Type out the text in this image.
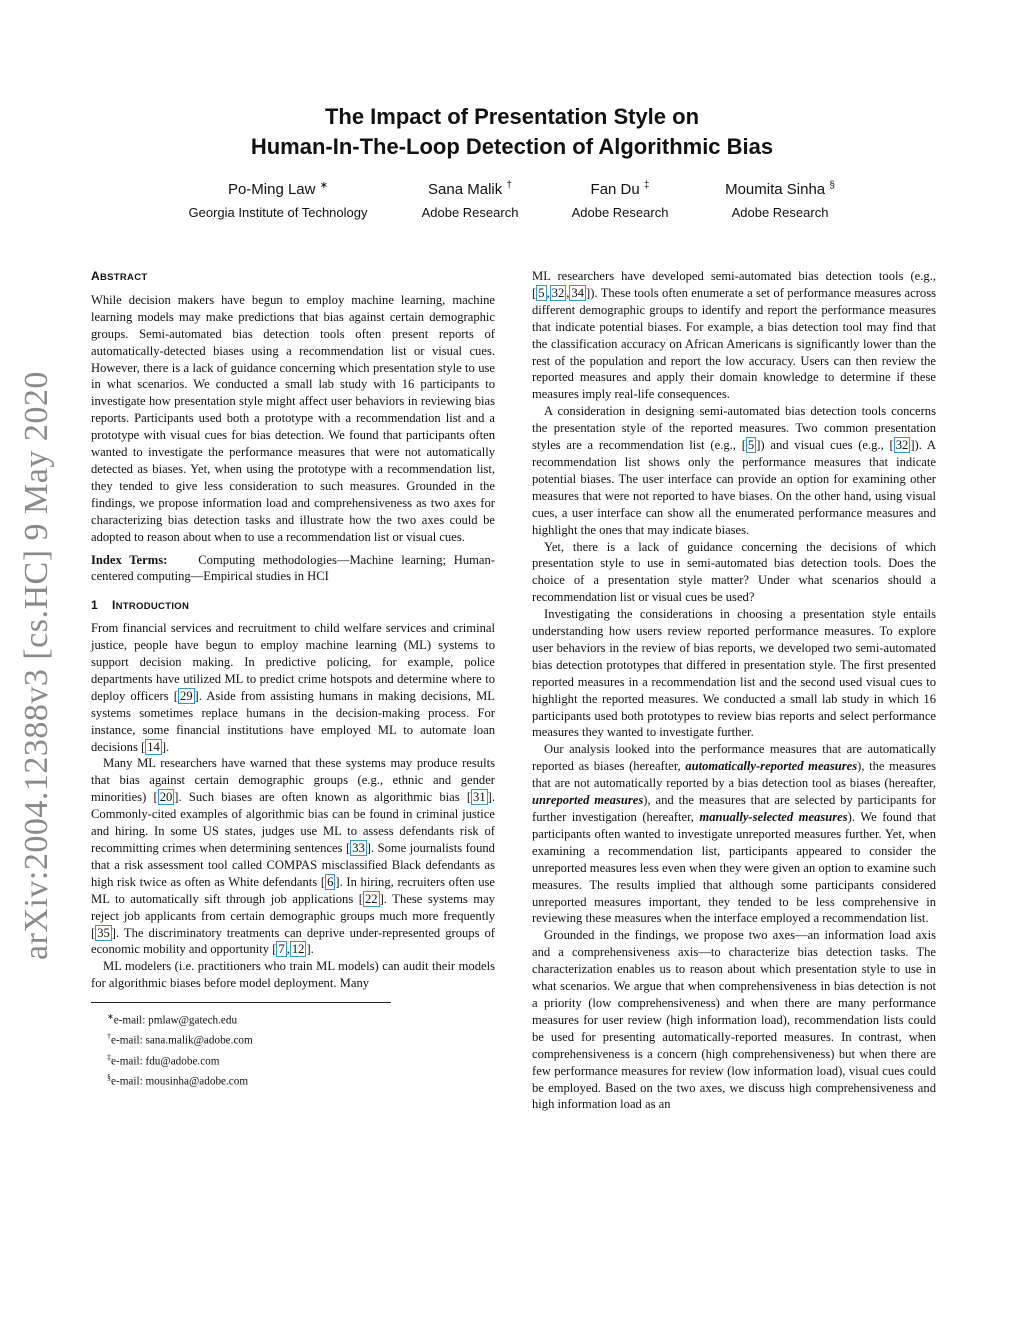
arXiv:2004.12388v3 [cs.HC] 9 May 2020
The Impact of Presentation Style on
Human-In-The-Loop Detection of Algorithmic Bias
Po-Ming Law ∗
Georgia Institute of Technology
Sana Malik †
Adobe Research
Fan Du ‡
Adobe Research
Moumita Sinha §
Adobe Research
ABSTRACT

While decision makers have begun to employ machine learning, machine learning models may make predictions that bias against certain demographic groups. Semi-automated bias detection tools often present reports of automatically-detected biases using a recommendation list or visual cues. However, there is a lack of guidance concerning which presentation style to use in what scenarios. We conducted a small lab study with 16 participants to investigate how presentation style might affect user behaviors in reviewing bias reports. Participants used both a prototype with a recommendation list and a prototype with visual cues for bias detection. We found that participants often wanted to investigate the performance measures that were not automatically detected as biases. Yet, when using the prototype with a recommendation list, they tended to give less consideration to such measures. Grounded in the findings, we propose information load and comprehensiveness as two axes for characterizing bias detection tasks and illustrate how the two axes could be adopted to reason about when to use a recommendation list or visual cues.

Index Terms: Computing methodologies—Machine learning; Human-centered computing—Empirical studies in HCI

1 INTRODUCTION

From financial services and recruitment to child welfare services and criminal justice, people have begun to employ machine learning (ML) systems to support decision making. In predictive policing, for example, police departments have utilized ML to predict crime hotspots and determine where to deploy officers [ 29 ]. Aside from assisting humans in making decisions, ML systems sometimes replace humans in the decision-making process. For instance, some financial institutions have employed ML to automate loan decisions [ 14 ].

Many ML researchers have warned that these systems may produce results that bias against certain demographic groups (e.g., ethnic and gender minorities) [ 20 ]. Such biases are often known as algorithmic bias [ 31 ]. Commonly-cited examples of algorithmic bias can be found in criminal justice and hiring. In some US states, judges use ML to assess defendants risk of recommitting crimes when determining sentences [ 33 ]. Some journalists found that a risk assessment tool called COMPAS misclassified Black defendants as high risk twice as often as White defendants [ 6 ]. In hiring, recruiters often use ML to automatically sift through job applications [ 22 ]. These systems may reject job applicants from certain demographic groups much more frequently [ 35 ]. The discriminatory treatments can deprive under-represented groups of economic mobility and opportunity [ 7 , 12 ].

ML modelers (i.e. practitioners who train ML models) can audit their models for algorithmic biases before model deployment. Many

∗e-mail: pmlaw@gatech.edu
†e-mail: sana.malik@adobe.com
‡e-mail: fdu@adobe.com
§e-mail: mousinha@adobe.com

ML researchers have developed semi-automated bias detection tools (e.g., [ 5 , 32 , 34 ]). These tools often enumerate a set of performance measures across different demographic groups to identify and report the performance measures that indicate potential biases. For example, a bias detection tool may find that the classification accuracy on African Americans is significantly lower than the rest of the population and report the low accuracy. Users can then review the reported measures and apply their domain knowledge to determine if these measures imply real-life consequences.

A consideration in designing semi-automated bias detection tools concerns the presentation style of the reported measures. Two common presentation styles are a recommendation list (e.g., [ 5 ]) and visual cues (e.g., [ 32 ]). A recommendation list shows only the performance measures that indicate potential biases. The user interface can provide an option for examining other measures that were not reported to have biases. On the other hand, using visual cues, a user interface can show all the enumerated performance measures and highlight the ones that may indicate biases.

Yet, there is a lack of guidance concerning the decisions of which presentation style to use in semi-automated bias detection tools. Does the choice of a presentation style matter? Under what scenarios should a recommendation list or visual cues be used?

Investigating the considerations in choosing a presentation style entails understanding how users review reported performance measures. To explore user behaviors in the review of bias reports, we developed two semi-automated bias detection prototypes that differed in presentation style. The first presented reported measures in a recommendation list and the second used visual cues to highlight the reported measures. We conducted a small lab study in which 16 participants used both prototypes to review bias reports and select performance measures they wanted to investigate further.

Our analysis looked into the performance measures that are automatically reported as biases (hereafter, automatically-reported measures), the measures that are not automatically reported by a bias detection tool as biases (hereafter, unreported measures), and the measures that are selected by participants for further investigation (hereafter, manually-selected measures). We found that participants often wanted to investigate unreported measures further. Yet, when examining a recommendation list, participants appeared to consider the unreported measures less even when they were given an option to examine such measures. The results implied that although some participants considered unreported measures important, they tended to be less comprehensive in reviewing these measures when the interface employed a recommendation list.

Grounded in the findings, we propose two axes—an information load axis and a comprehensiveness axis—to characterize bias detection tasks. The characterization enables us to reason about which presentation style to use in what scenarios. We argue that when comprehensiveness in bias detection is not a priority (low comprehensiveness) and when there are many performance measures for user review (high information load), recommendation lists could be used for presenting automatically-reported measures. In contrast, when comprehensiveness is a concern (high comprehensiveness) but when there are few performance measures for review (low information load), visual cues could be employed. Based on the two axes, we discuss high comprehensiveness and high information load as an
